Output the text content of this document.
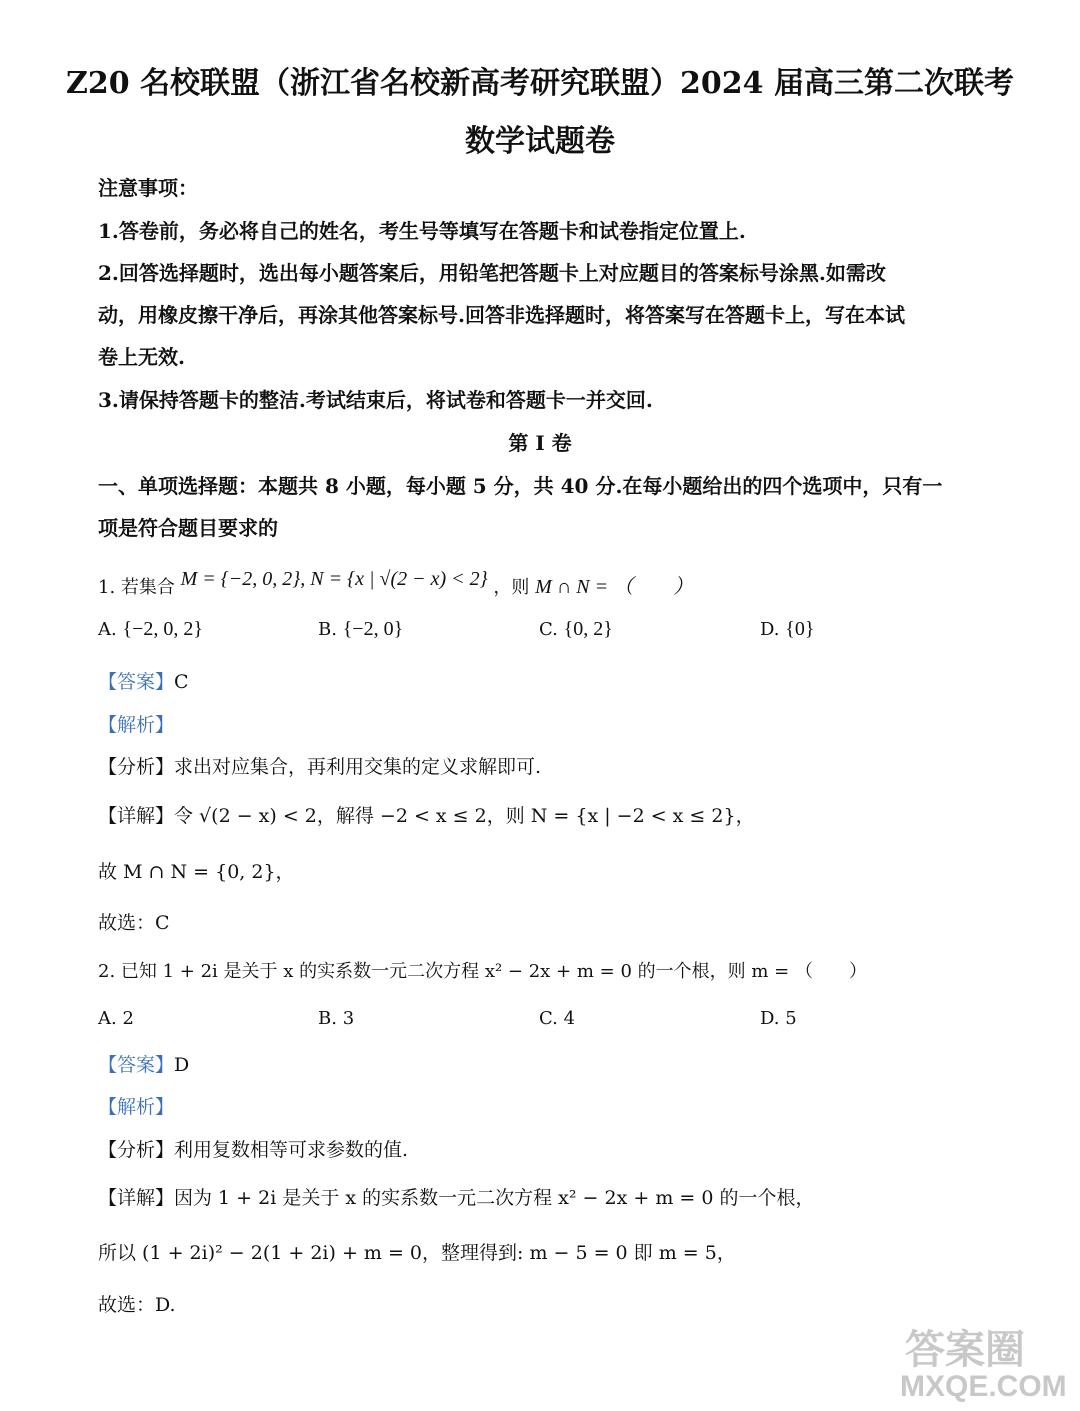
Z20 名校联盟（浙江省名校新高考研究联盟）2024 届高三第二次联考
数学试题卷
注意事项：
1.答卷前，务必将自己的姓名，考生号等填写在答题卡和试卷指定位置上.
2.回答选择题时，选出每小题答案后，用铅笔把答题卡上对应题目的答案标号涂黑.如需改
动，用橡皮擦干净后，再涂其他答案标号.回答非选择题时，将答案写在答题卡上，写在本试
卷上无效.
3.请保持答题卡的整洁.考试结束后，将试卷和答题卡一并交回.
第 I 卷
一、单项选择题：本题共 8 小题，每小题 5 分，共 40 分.在每小题给出的四个选项中，只有一
项是符合题目要求的
1. 若集合 M = {−2, 0, 2}, N = {x | √(2 − x) < 2} ，则 M ∩ N = （　　）
A. {−2, 0, 2}	B. {−2, 0}	C. {0, 2}	D. {0}
【答案】C
【解析】
【分析】求出对应集合，再利用交集的定义求解即可.
【详解】令 √(2 − x) < 2，解得 −2 < x ≤ 2，则 N = {x | −2 < x ≤ 2}，
故 M ∩ N = {0, 2}，
故选：C
2. 已知 1 + 2i 是关于 x 的实系数一元二次方程 x² − 2x + m = 0 的一个根，则 m = （　　）
A. 2	B. 3	C. 4	D. 5
【答案】D
【解析】
【分析】利用复数相等可求参数的值.
【详解】因为 1 + 2i 是关于 x 的实系数一元二次方程 x² − 2x + m = 0 的一个根，
所以 (1 + 2i)² − 2(1 + 2i) + m = 0，整理得到: m − 5 = 0 即 m = 5，
故选：D.
答案圈
MXQE.COM
